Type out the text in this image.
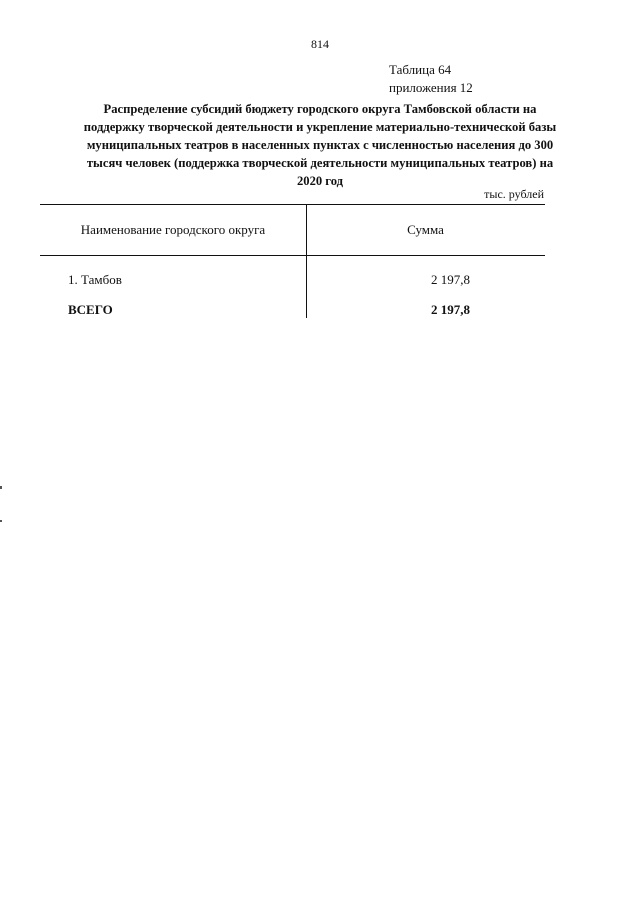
814
Таблица 64
приложения 12
Распределение субсидий бюджету городского округа Тамбовской области на
поддержку творческой деятельности и укрепление материально-технической базы
муниципальных театров в населенных пунктах с численностью населения до 300
тысяч человек (поддержка творческой деятельности муниципальных театров) на
2020 год
тыс. рублей
Наименование городского округа	Сумма
1. Тамбов	2 197,8
ВСЕГО	2 197,8
